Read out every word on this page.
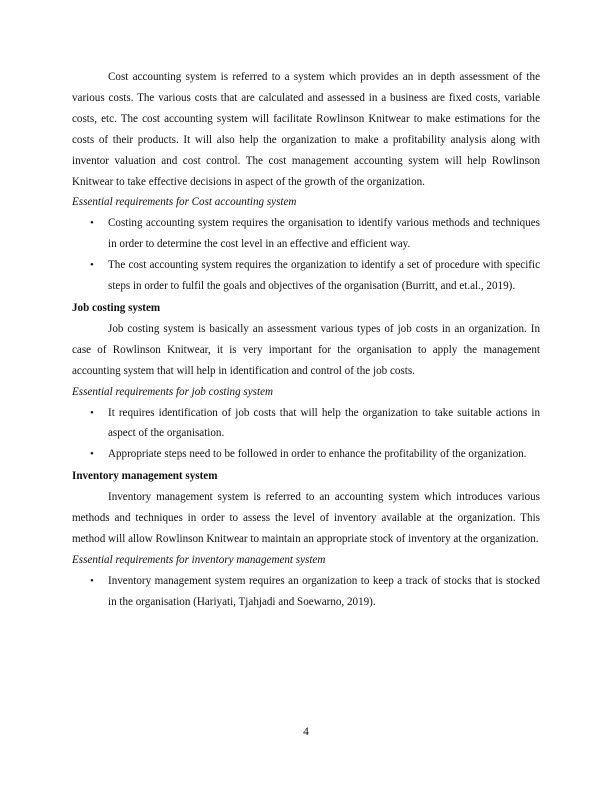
Cost accounting system is referred to a system which provides an in depth assessment of the various costs. The various costs that are calculated and assessed in a business are fixed costs, variable costs, etc. The cost accounting system will facilitate Rowlinson Knitwear to make estimations for the costs of their products. It will also help the organization to make a profitability analysis along with inventor valuation and cost control. The cost management accounting system will help Rowlinson Knitwear to take effective decisions in aspect of the growth of the organization.

Essential requirements for Cost accounting system

• Costing accounting system requires the organisation to identify various methods and techniques in order to determine the cost level in an effective and efficient way.
• The cost accounting system requires the organization to identify a set of procedure with specific steps in order to fulfil the goals and objectives of the organisation (Burritt, and et.al., 2019).

Job costing system

Job costing system is basically an assessment various types of job costs in an organization. In case of Rowlinson Knitwear, it is very important for the organisation to apply the management accounting system that will help in identification and control of the job costs.

Essential requirements for job costing system

• It requires identification of job costs that will help the organization to take suitable actions in aspect of the organisation.
• Appropriate steps need to be followed in order to enhance the profitability of the organization.

Inventory management system

Inventory management system is referred to an accounting system which introduces various methods and techniques in order to assess the level of inventory available at the organization. This method will allow Rowlinson Knitwear to maintain an appropriate stock of inventory at the organization.

Essential requirements for inventory management system

• Inventory management system requires an organization to keep a track of stocks that is stocked in the organisation (Hariyati, Tjahjadi and Soewarno, 2019).
4
